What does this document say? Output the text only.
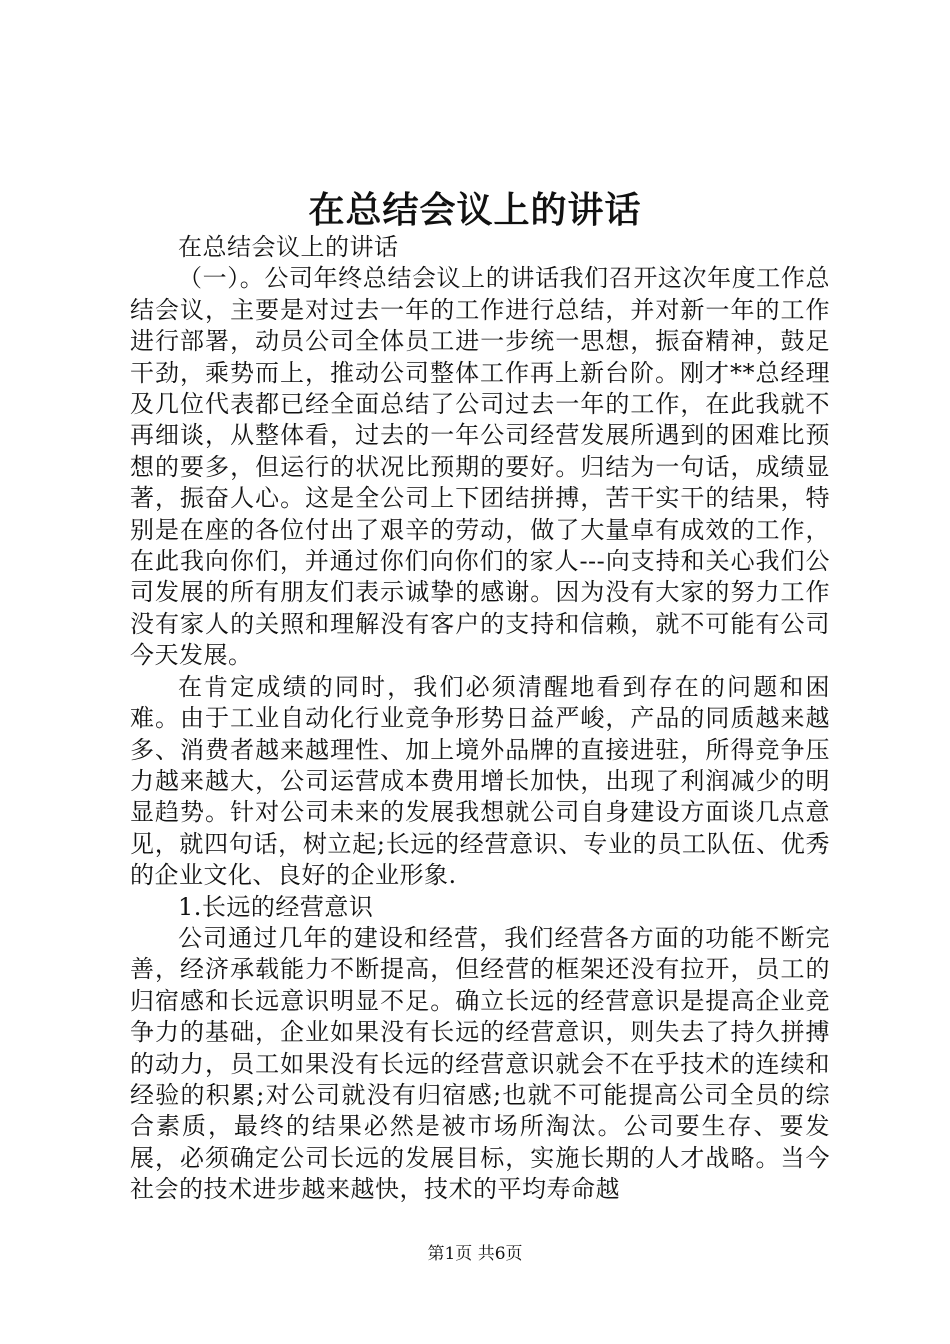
在总结会议上的讲话

在总结会议上的讲话

（一）。公司年终总结会议上的讲话我们召开这次年度工作总结会议，主要是对过去一年的工作进行总结，并对新一年的工作进行部署，动员公司全体员工进一步统一思想，振奋精神，鼓足干劲，乘势而上，推动公司整体工作再上新台阶。刚才**总经理及几位代表都已经全面总结了公司过去一年的工作，在此我就不再细谈，从整体看，过去的一年公司经营发展所遇到的困难比预想的要多，但运行的状况比预期的要好。归结为一句话，成绩显著，振奋人心。这是全公司上下团结拼搏，苦干实干的结果，特别是在座的各位付出了艰辛的劳动，做了大量卓有成效的工作，在此我向你们，并通过你们向你们的家人---向支持和关心我们公司发展的所有朋友们表示诚挚的感谢。因为没有大家的努力工作没有家人的关照和理解没有客户的支持和信赖，就不可能有公司今天发展。

在肯定成绩的同时，我们必须清醒地看到存在的问题和困难。由于工业自动化行业竞争形势日益严峻，产品的同质越来越多、消费者越来越理性、加上境外品牌的直接进驻，所得竞争压力越来越大，公司运营成本费用增长加快，出现了利润减少的明显趋势。针对公司未来的发展我想就公司自身建设方面谈几点意见，就四句话，树立起;长远的经营意识、专业的员工队伍、优秀的企业文化、良好的企业形象.

1.长远的经营意识

公司通过几年的建设和经营，我们经营各方面的功能不断完善，经济承载能力不断提高，但经营的框架还没有拉开，员工的归宿感和长远意识明显不足。确立长远的经营意识是提高企业竞争力的基础，企业如果没有长远的经营意识，则失去了持久拼搏的动力，员工如果没有长远的经营意识就会不在乎技术的连续和经验的积累;对公司就没有归宿感;也就不可能提高公司全员的综合素质，最终的结果必然是被市场所淘汰。公司要生存、要发展，必须确定公司长远的发展目标，实施长期的人才战略。当今社会的技术进步越来越快，技术的平均寿命越

第1页 共6页
